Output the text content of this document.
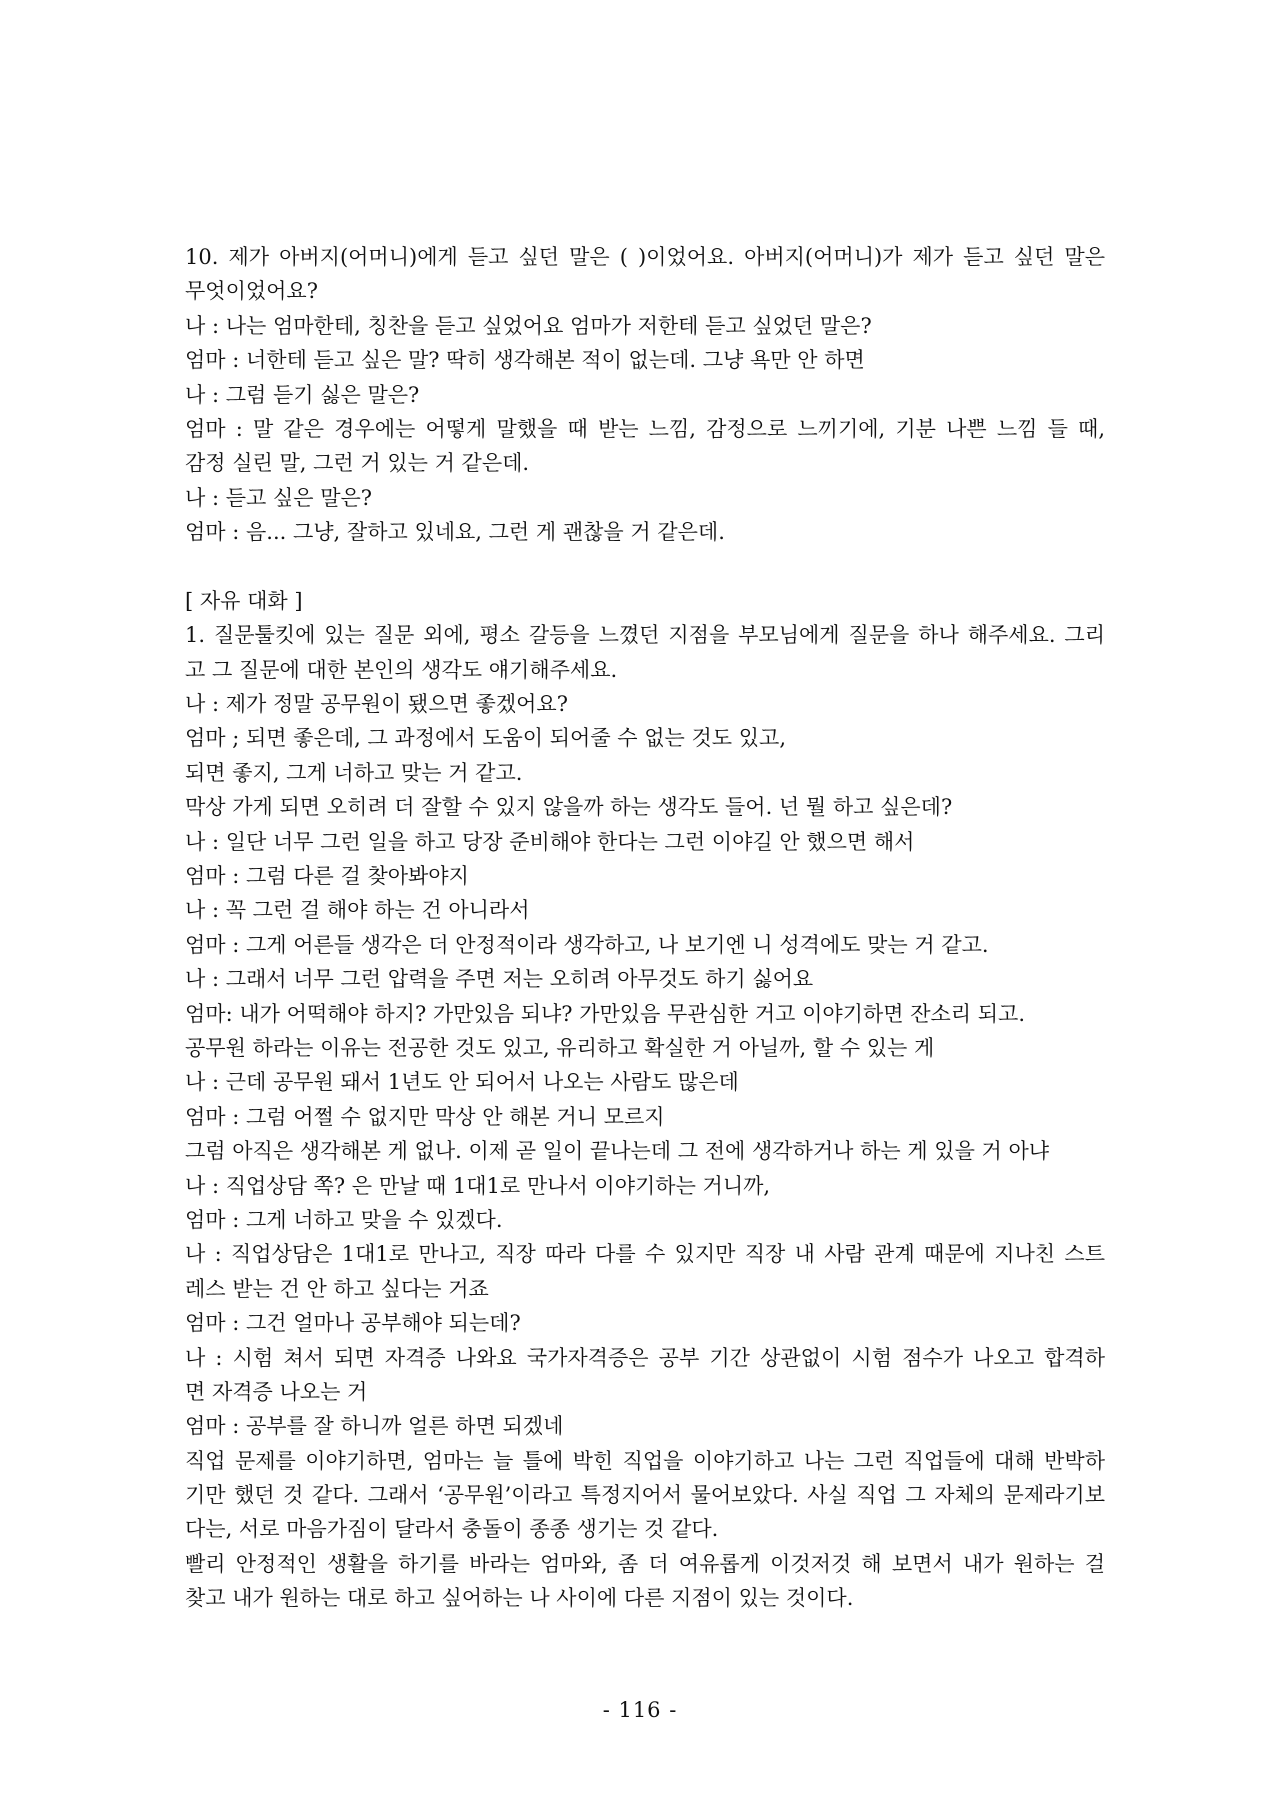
10. 제가 아버지(어머니)에게 듣고 싶던 말은 ( )이었어요. 아버지(어머니)가 제가 듣고 싶던 말은
무엇이었어요?
나 : 나는 엄마한테, 칭찬을 듣고 싶었어요 엄마가 저한테 듣고 싶었던 말은?
엄마 : 너한테 듣고 싶은 말? 딱히 생각해본 적이 없는데. 그냥 욕만 안 하면
나 : 그럼 듣기 싫은 말은?
엄마 : 말 같은 경우에는 어떻게 말했을 때 받는 느낌, 감정으로 느끼기에, 기분 나쁜 느낌 들 때,
감정 실린 말, 그런 거 있는 거 같은데.
나 : 듣고 싶은 말은?
엄마 : 음... 그냥, 잘하고 있네요, 그런 게 괜찮을 거 같은데.
[ 자유 대화 ]
1. 질문툴킷에 있는 질문 외에, 평소 갈등을 느꼈던 지점을 부모님에게 질문을 하나 해주세요. 그리
고 그 질문에 대한 본인의 생각도 얘기해주세요.
나 : 제가 정말 공무원이 됐으면 좋겠어요?
엄마 ; 되면 좋은데, 그 과정에서 도움이 되어줄 수 없는 것도 있고,
되면 좋지, 그게 너하고 맞는 거 같고.
막상 가게 되면 오히려 더 잘할 수 있지 않을까 하는 생각도 들어. 넌 뭘 하고 싶은데?
나 : 일단 너무 그런 일을 하고 당장 준비해야 한다는 그런 이야길 안 했으면 해서
엄마 : 그럼 다른 걸 찾아봐야지
나 : 꼭 그런 걸 해야 하는 건 아니라서
엄마 : 그게 어른들 생각은 더 안정적이라 생각하고, 나 보기엔 니 성격에도 맞는 거 같고.
나 : 그래서 너무 그런 압력을 주면 저는 오히려 아무것도 하기 싫어요
엄마: 내가 어떡해야 하지? 가만있음 되냐? 가만있음 무관심한 거고 이야기하면 잔소리 되고.
공무원 하라는 이유는 전공한 것도 있고, 유리하고 확실한 거 아닐까, 할 수 있는 게
나 : 근데 공무원 돼서 1년도 안 되어서 나오는 사람도 많은데
엄마 : 그럼 어쩔 수 없지만 막상 안 해본 거니 모르지
그럼 아직은 생각해본 게 없나. 이제 곧 일이 끝나는데 그 전에 생각하거나 하는 게 있을 거 아냐
나 : 직업상담 쪽? 은 만날 때 1대1로 만나서 이야기하는 거니까,
엄마 : 그게 너하고 맞을 수 있겠다.
나 : 직업상담은 1대1로 만나고, 직장 따라 다를 수 있지만 직장 내 사람 관계 때문에 지나친 스트
레스 받는 건 안 하고 싶다는 거죠
엄마 : 그건 얼마나 공부해야 되는데?
나 : 시험 쳐서 되면 자격증 나와요 국가자격증은 공부 기간 상관없이 시험 점수가 나오고 합격하
면 자격증 나오는 거
엄마 : 공부를 잘 하니까 얼른 하면 되겠네
직업 문제를 이야기하면, 엄마는 늘 틀에 박힌 직업을 이야기하고 나는 그런 직업들에 대해 반박하
기만 했던 것 같다. 그래서 ‘공무원’이라고 특정지어서 물어보았다. 사실 직업 그 자체의 문제라기보
다는, 서로 마음가짐이 달라서 충돌이 종종 생기는 것 같다.
빨리 안정적인 생활을 하기를 바라는 엄마와, 좀 더 여유롭게 이것저것 해 보면서 내가 원하는 걸
찾고 내가 원하는 대로 하고 싶어하는 나 사이에 다른 지점이 있는 것이다.
- 116 -
